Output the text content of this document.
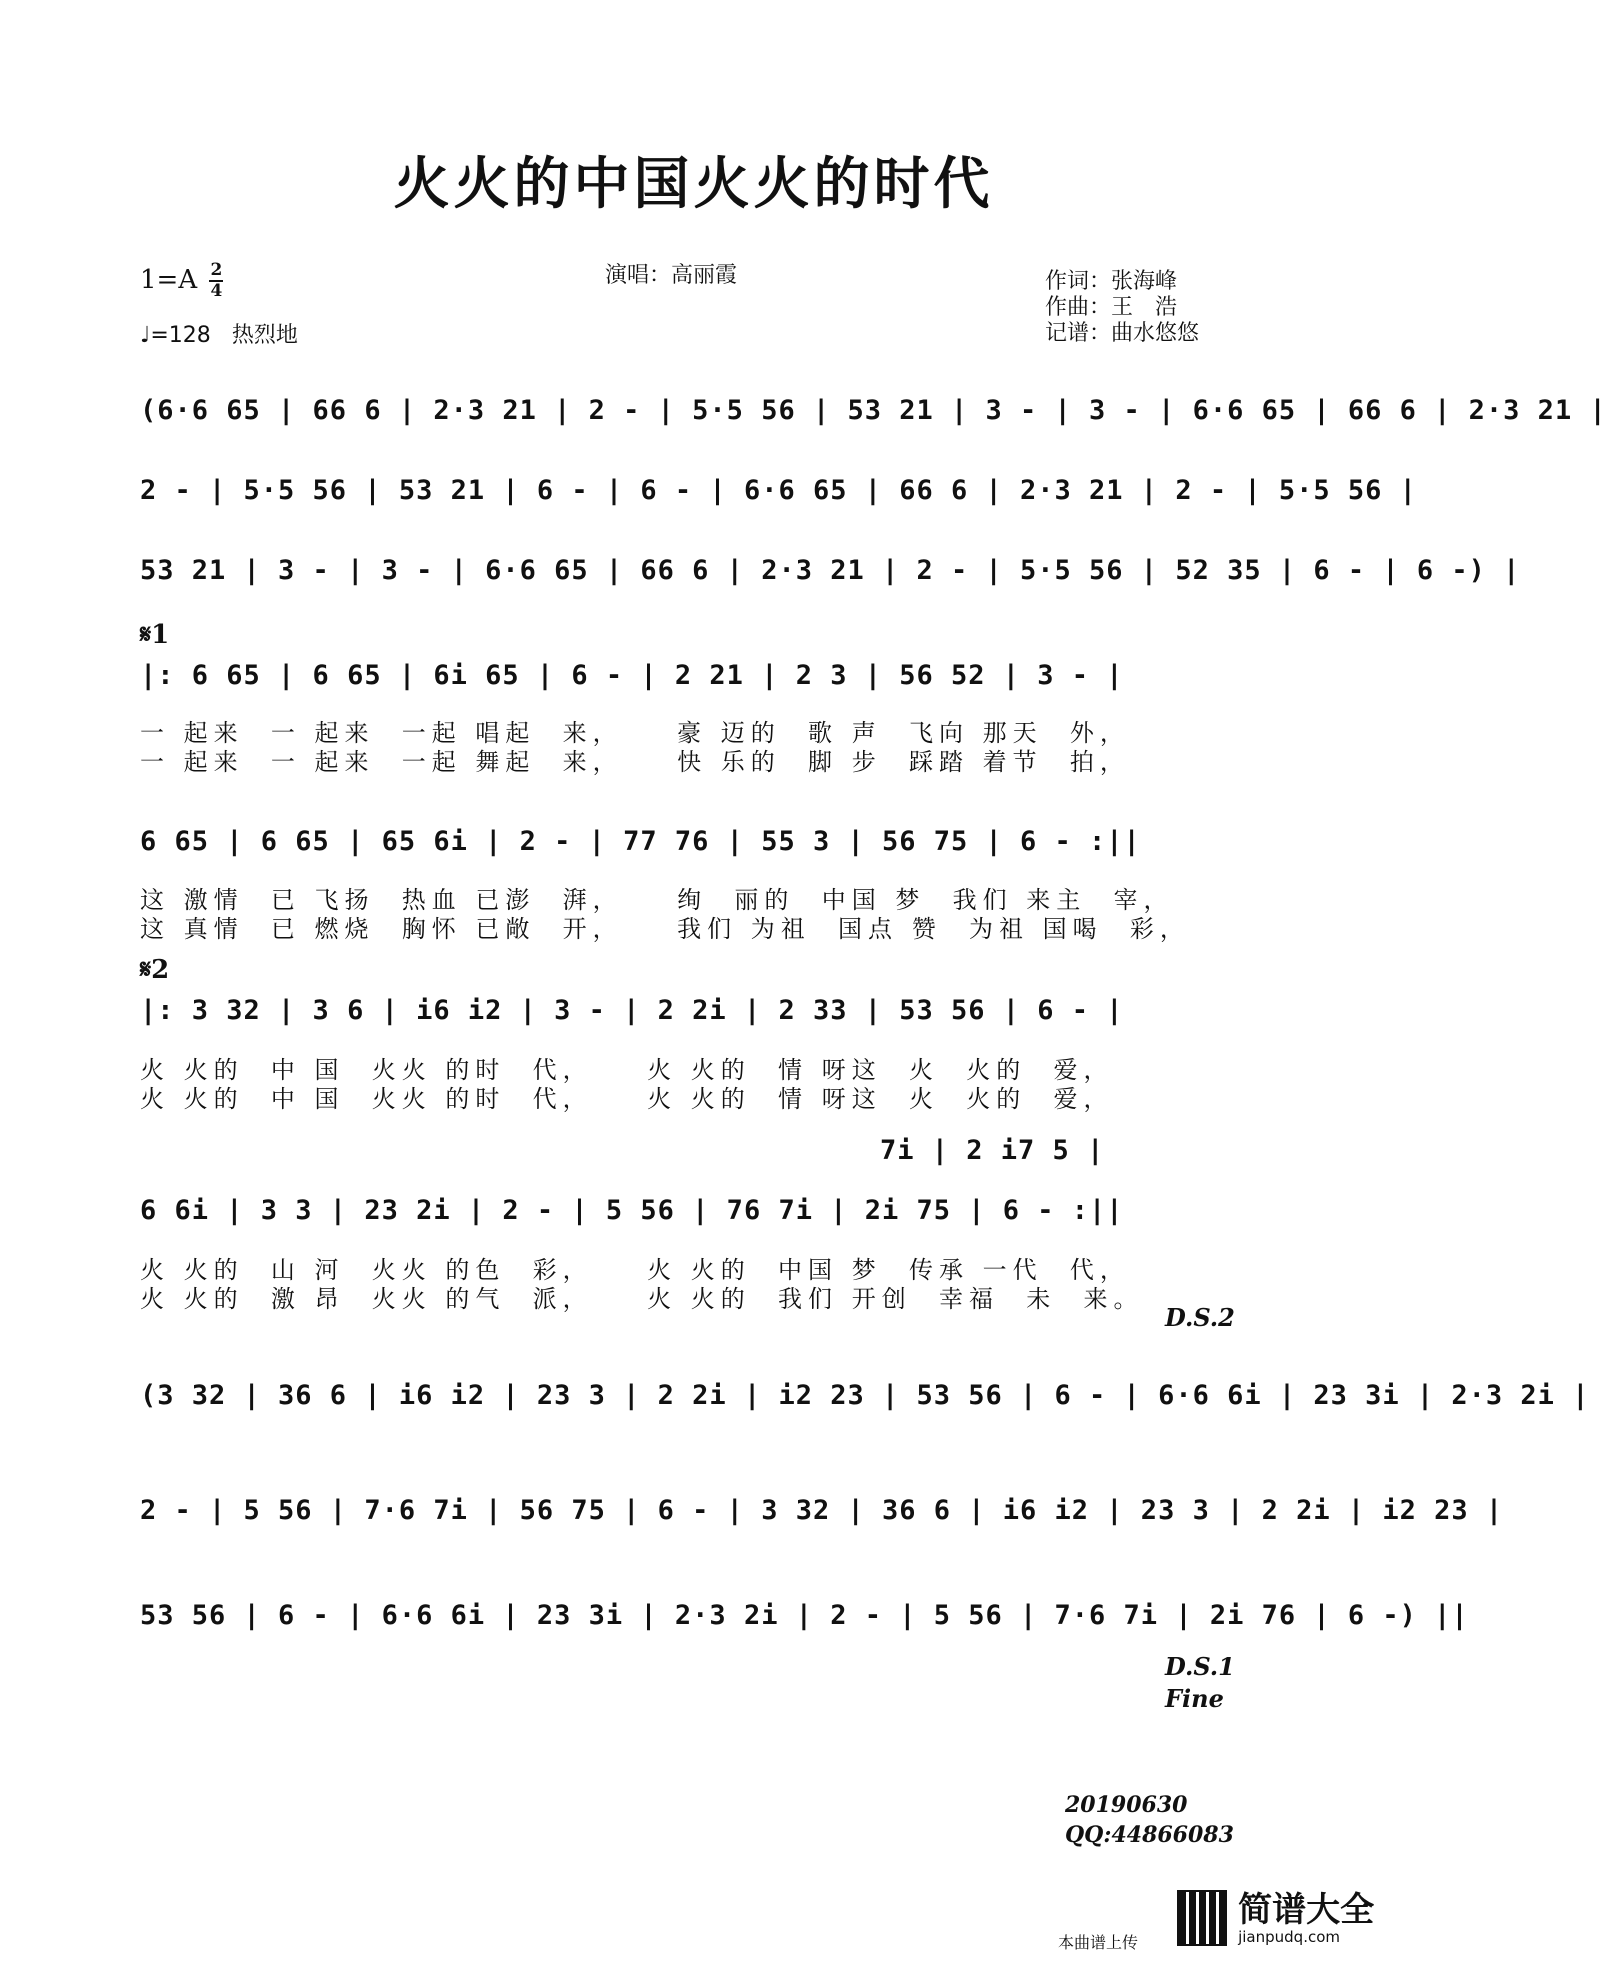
火火的中国火火的时代
$1=A \frac{2}{4}$
♩=128 热烈地
演唱：高丽霞	作词：张海峰
作曲：王　浩
记谱：曲水悠悠
(6·6 65 | 66 6 | 2·3 21 | 2 - | 5·5 56 | 53 21 | 3 - | 3 - | 6·6 65 | 66 6 | 2·3 21 |
2 - | 5·5 56 | 53 21 | 6 - | 6 - | 6·6 65 | 66 6 | 2·3 21 | 2 - | 5·5 56 |
53 21 | 3 - | 3 - | 6·6 65 | 66 6 | 2·3 21 | 2 - | 5·5 56 | 52 35 | 6 - | 6 -) |
𝄋1
|: 6 65 | 6 65 | 6i 65 | 6 - | 2 21 | 2 3 | 56 52 | 3 - |
一 起来  一 起来  一起 唱起  来，    豪 迈的  歌 声  飞向 那天  外，
一 起来  一 起来  一起 舞起  来，    快 乐的  脚 步  踩踏 着节  拍，
6 65 | 6 65 | 65 6i | 2 - | 77 76 | 55 3 | 56 75 | 6 - :||
这 激情  已 飞扬  热血 已澎  湃，    绚  丽的  中国 梦  我们 来主  宰，
这 真情  已 燃烧  胸怀 已敞  开，    我们 为祖  国点 赞  为祖 国喝  彩，
𝄋2
|: 3 32 | 3 6 | i6 i2 | 3 - | 2 2i | 2 33 | 53 56 | 6 - |
火 火的  中 国  火火 的时  代，    火 火的  情 呀这  火  火的  爱，
火 火的  中 国  火火 的时  代，    火 火的  情 呀这  火  火的  爱，
7i | 2 i7 5 |
6 6i | 3 3 | 23 2i | 2 - | 5 56 | 76 7i | 2i 75 | 6 - :||
火 火的  山 河  火火 的色  彩，    火 火的  中国 梦  传承 一代  代，
火 火的  激 昂  火火 的气  派，    火 火的  我们 开创  幸福  未  来。
D.S.2
(3 32 | 36 6 | i6 i2 | 23 3 | 2 2i | i2 23 | 53 56 | 6 - | 6·6 6i | 23 3i | 2·3 2i |
2 - | 5 56 | 7·6 7i | 56 75 | 6 - | 3 32 | 36 6 | i6 i2 | 23 3 | 2 2i | i2 23 |
53 56 | 6 - | 6·6 6i | 23 3i | 2·3 2i | 2 - | 5 56 | 7·6 7i | 2i 76 | 6 -) ||
D.S.1
Fine
20190630
QQ:44866083
本曲谱上传

简谱大全
jianpudq.com
